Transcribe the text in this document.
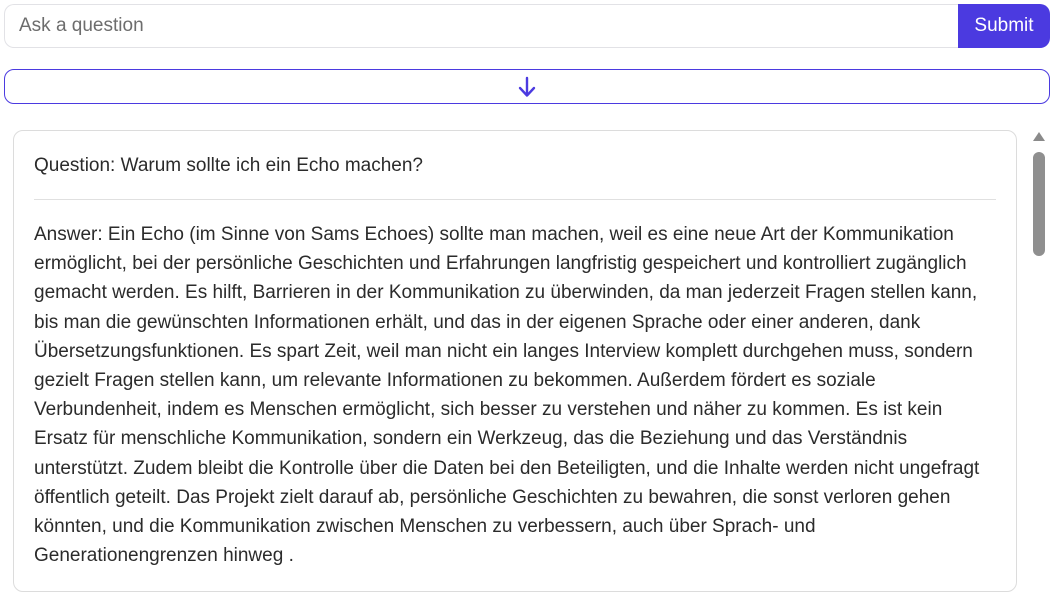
Ask a question
Submit

Question: Warum sollte ich ein Echo machen?

Answer: Ein Echo (im Sinne von Sams Echoes) sollte man machen, weil es eine neue Art der Kommunikation ermöglicht, bei der persönliche Geschichten und Erfahrungen langfristig gespeichert und kontrolliert zugänglich gemacht werden. Es hilft, Barrieren in der Kommunikation zu überwinden, da man jederzeit Fragen stellen kann, bis man die gewünschten Informationen erhält, und das in der eigenen Sprache oder einer anderen, dank Übersetzungsfunktionen. Es spart Zeit, weil man nicht ein langes Interview komplett durchgehen muss, sondern gezielt Fragen stellen kann, um relevante Informationen zu bekommen. Außerdem fördert es soziale Verbundenheit, indem es Menschen ermöglicht, sich besser zu verstehen und näher zu kommen. Es ist kein Ersatz für menschliche Kommunikation, sondern ein Werkzeug, das die Beziehung und das Verständnis unterstützt. Zudem bleibt die Kontrolle über die Daten bei den Beteiligten, und die Inhalte werden nicht ungefragt öffentlich geteilt. Das Projekt zielt darauf ab, persönliche Geschichten zu bewahren, die sonst verloren gehen könnten, und die Kommunikation zwischen Menschen zu verbessern, auch über Sprach- und Generationengrenzen hinweg .
